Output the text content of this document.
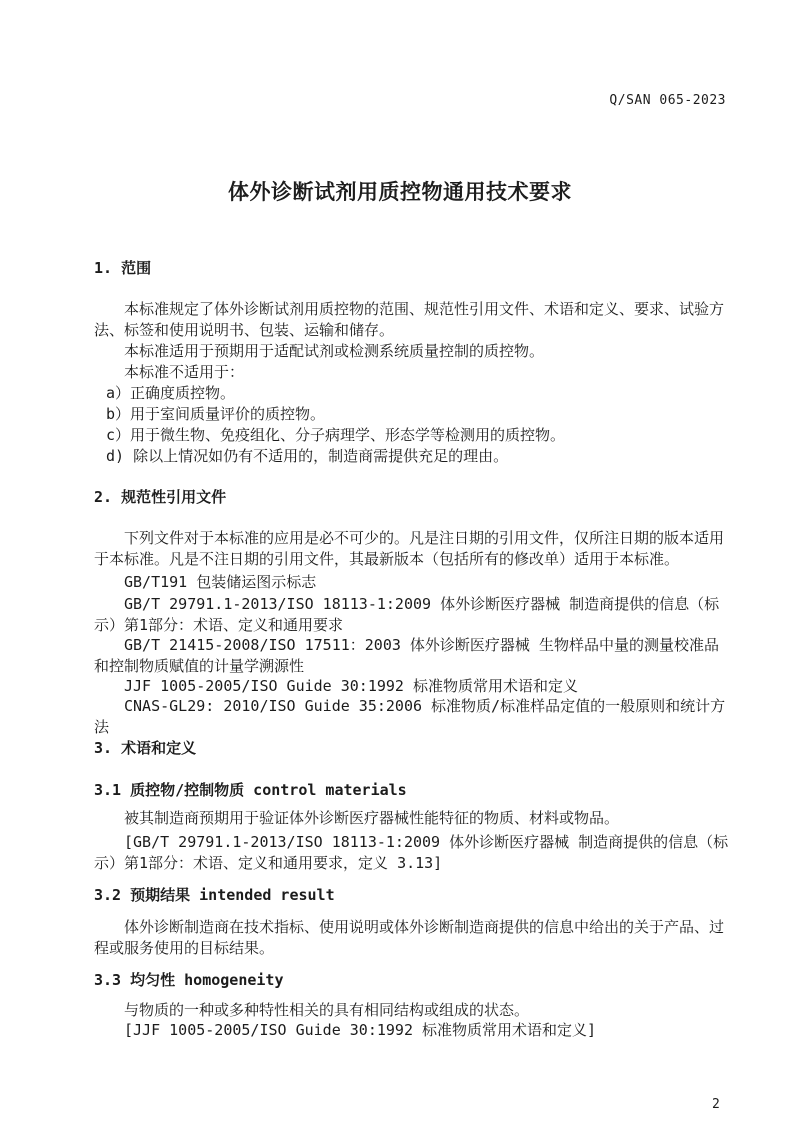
Q/SAN 065-2023
体外诊断试剂用质控物通用技术要求
1. 范围
本标准规定了体外诊断试剂用质控物的范围、规范性引用文件、术语和定义、要求、试验方法、标签和使用说明书、包装、运输和储存。
本标准适用于预期用于适配试剂或检测系统质量控制的质控物。
本标准不适用于：
a）正确度质控物。
b）用于室间质量评价的质控物。
c）用于微生物、免疫组化、分子病理学、形态学等检测用的质控物。
d) 除以上情况如仍有不适用的，制造商需提供充足的理由。
2. 规范性引用文件
下列文件对于本标准的应用是必不可少的。凡是注日期的引用文件，仅所注日期的版本适用于本标准。凡是不注日期的引用文件，其最新版本（包括所有的修改单）适用于本标准。
GB/T191 包装储运图示标志
GB/T 29791.1-2013/ISO 18113-1:2009 体外诊断医疗器械 制造商提供的信息（标示）第1部分：术语、定义和通用要求
GB/T 21415-2008/ISO 17511：2003 体外诊断医疗器械 生物样品中量的测量校准品和控制物质赋值的计量学溯源性
JJF 1005-2005/ISO Guide 30:1992 标准物质常用术语和定义
CNAS-GL29: 2010/ISO Guide 35:2006 标准物质/标准样品定值的一般原则和统计方法
3. 术语和定义
3.1 质控物/控制物质 control materials
被其制造商预期用于验证体外诊断医疗器械性能特征的物质、材料或物品。
[GB/T 29791.1-2013/ISO 18113-1:2009 体外诊断医疗器械 制造商提供的信息（标示）第1部分：术语、定义和通用要求，定义 3.13]
3.2 预期结果 intended result
体外诊断制造商在技术指标、使用说明或体外诊断制造商提供的信息中给出的关于产品、过程或服务使用的目标结果。
3.3 均匀性 homogeneity
与物质的一种或多种特性相关的具有相同结构或组成的状态。
[JJF 1005-2005/ISO Guide 30:1992 标准物质常用术语和定义]
2
